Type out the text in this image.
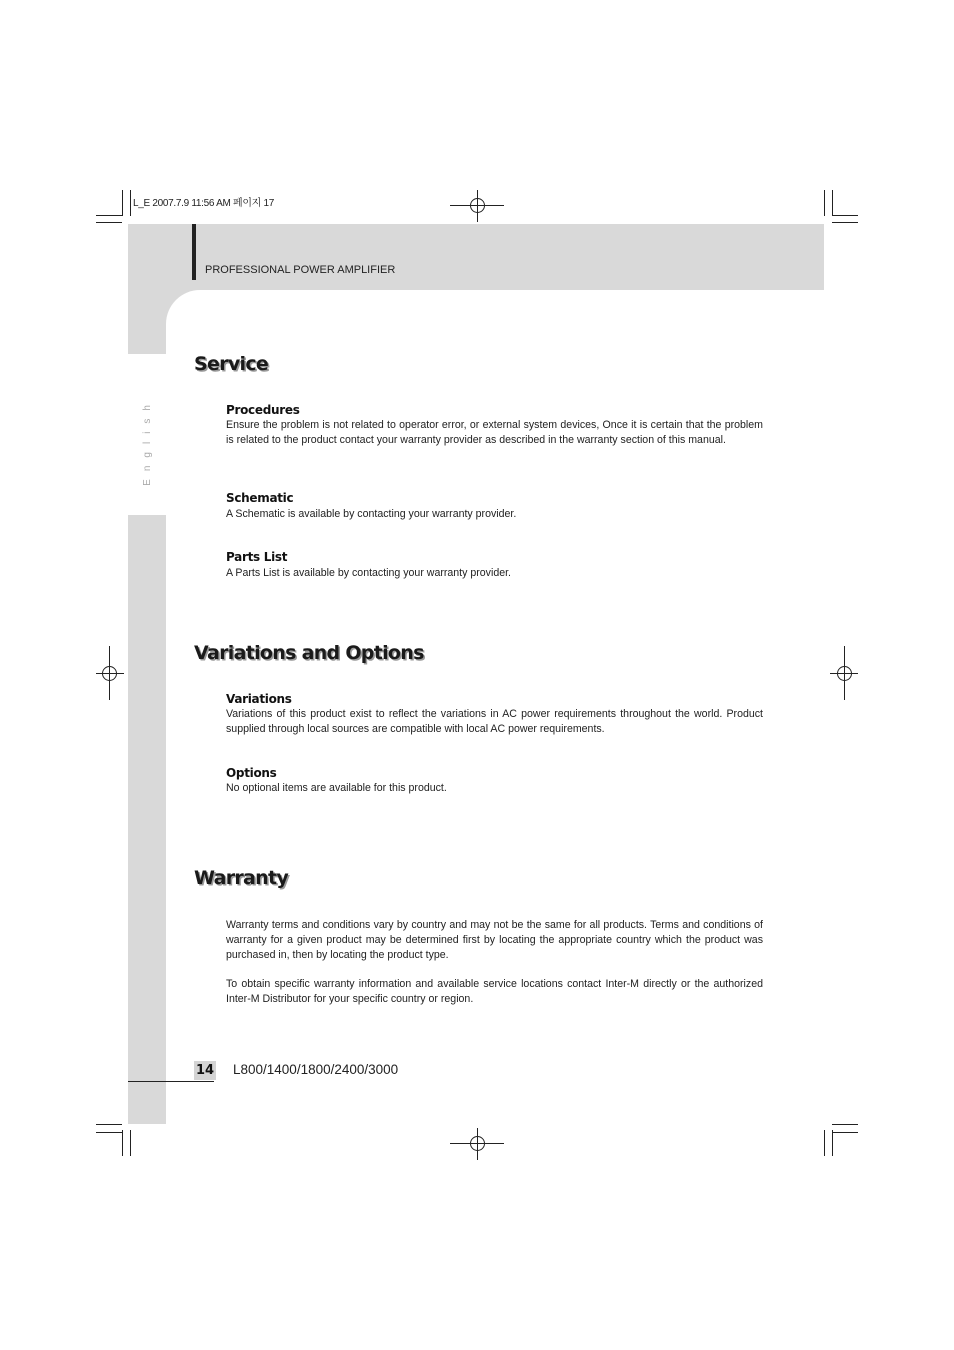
L_E 2007.7.9 11:56 AM 페이지 17
PROFESSIONAL POWER AMPLIFIER
English
Service
Procedures
Ensure the problem is not related to operator error, or external system devices, Once it is certain that the problem is related to the product contact your warranty provider as described in the warranty section of this manual.
Schematic
A Schematic is available by contacting your warranty provider.
Parts List
A Parts List is available by contacting your warranty provider.
Variations and Options
Variations
Variations of this product exist to reflect the variations in AC power requirements throughout the world. Product supplied through local sources are compatible with local AC power requirements.
Options
No optional items are available for this product.
Warranty
Warranty terms and conditions vary by country and may not be the same for all products. Terms and conditions of warranty for a given product may be determined first by locating the appropriate country which the product was purchased in, then by locating the product type.
To obtain specific warranty information and available service locations contact Inter-M directly or the authorized Inter-M Distributor for your specific country or region.
14 L800/1400/1800/2400/3000
